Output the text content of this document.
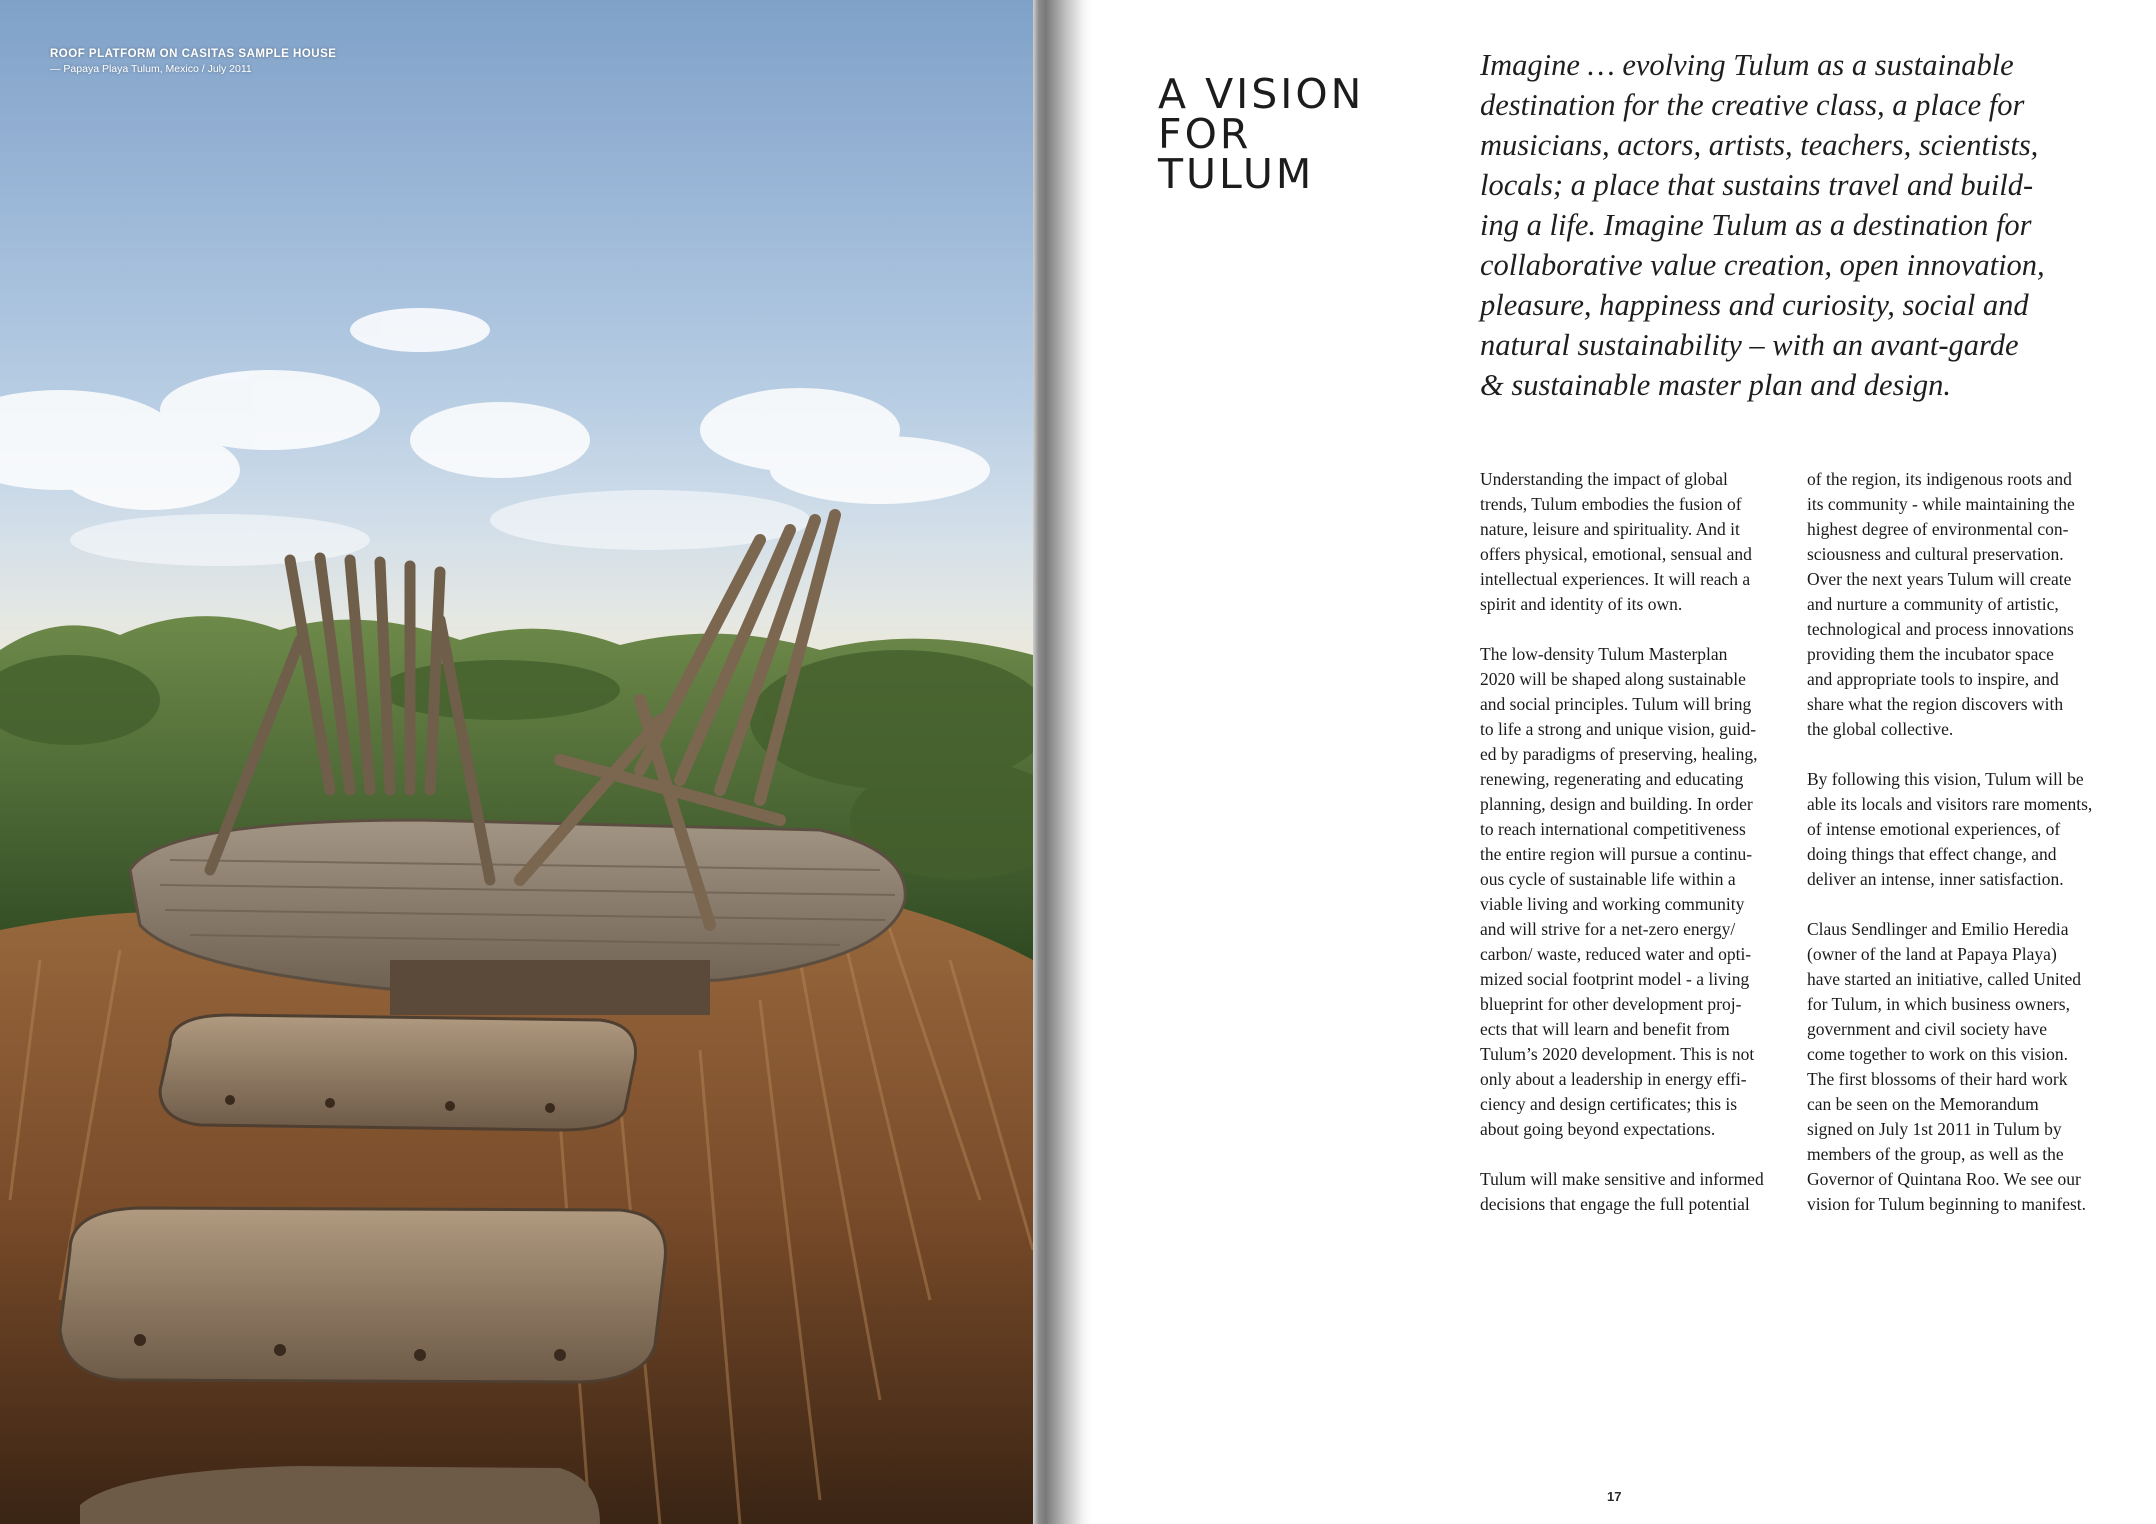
ROOF PLATFORM ON CASITAS SAMPLE HOUSE
— Papaya Playa Tulum, Mexico / July 2011
A VISION
FOR
TULUM
Imagine … evolving Tulum as a sustainable
destination for the creative class, a place for
musicians, actors, artists, teachers, scientists,
locals; a place that sustains travel and build-
ing a life. Imagine Tulum as a destination for
collaborative value creation, open innovation,
pleasure, happiness and curiosity, social and
natural sustainability – with an avant-garde
& sustainable master plan and design.
Understanding the impact of global
trends, Tulum embodies the fusion of
nature, leisure and spirituality. And it
offers physical, emotional, sensual and
intellectual experiences. It will reach a
spirit and identity of its own.
The low-density Tulum Masterplan
2020 will be shaped along sustainable
and social principles. Tulum will bring
to life a strong and unique vision, guid-
ed by paradigms of preserving, healing,
renewing, regenerating and educating
planning, design and building. In order
to reach international competitiveness
the entire region will pursue a continu-
ous cycle of sustainable life within a
viable living and working community
and will strive for a net-zero energy/
carbon/ waste, reduced water and opti-
mized social footprint model - a living
blueprint for other development proj-
ects that will learn and benefit from
Tulum’s 2020 development. This is not
only about a leadership in energy effi-
ciency and design certificates; this is
about going beyond expectations.
Tulum will make sensitive and informed
decisions that engage the full potential
of the region, its indigenous roots and
its community - while maintaining the
highest degree of environmental con-
sciousness and cultural preservation.
Over the next years Tulum will create
and nurture a community of artistic,
technological and process innovations
providing them the incubator space
and appropriate tools to inspire, and
share what the region discovers with
the global collective.
By following this vision, Tulum will be
able its locals and visitors rare moments,
of intense emotional experiences, of
doing things that effect change, and
deliver an intense, inner satisfaction.
Claus Sendlinger and Emilio Heredia
(owner of the land at Papaya Playa)
have started an initiative, called United
for Tulum, in which business owners,
government and civil society have
come together to work on this vision.
The first blossoms of their hard work
can be seen on the Memorandum
signed on July 1st 2011 in Tulum by
members of the group, as well as the
Governor of Quintana Roo. We see our
vision for Tulum beginning to manifest.
17
